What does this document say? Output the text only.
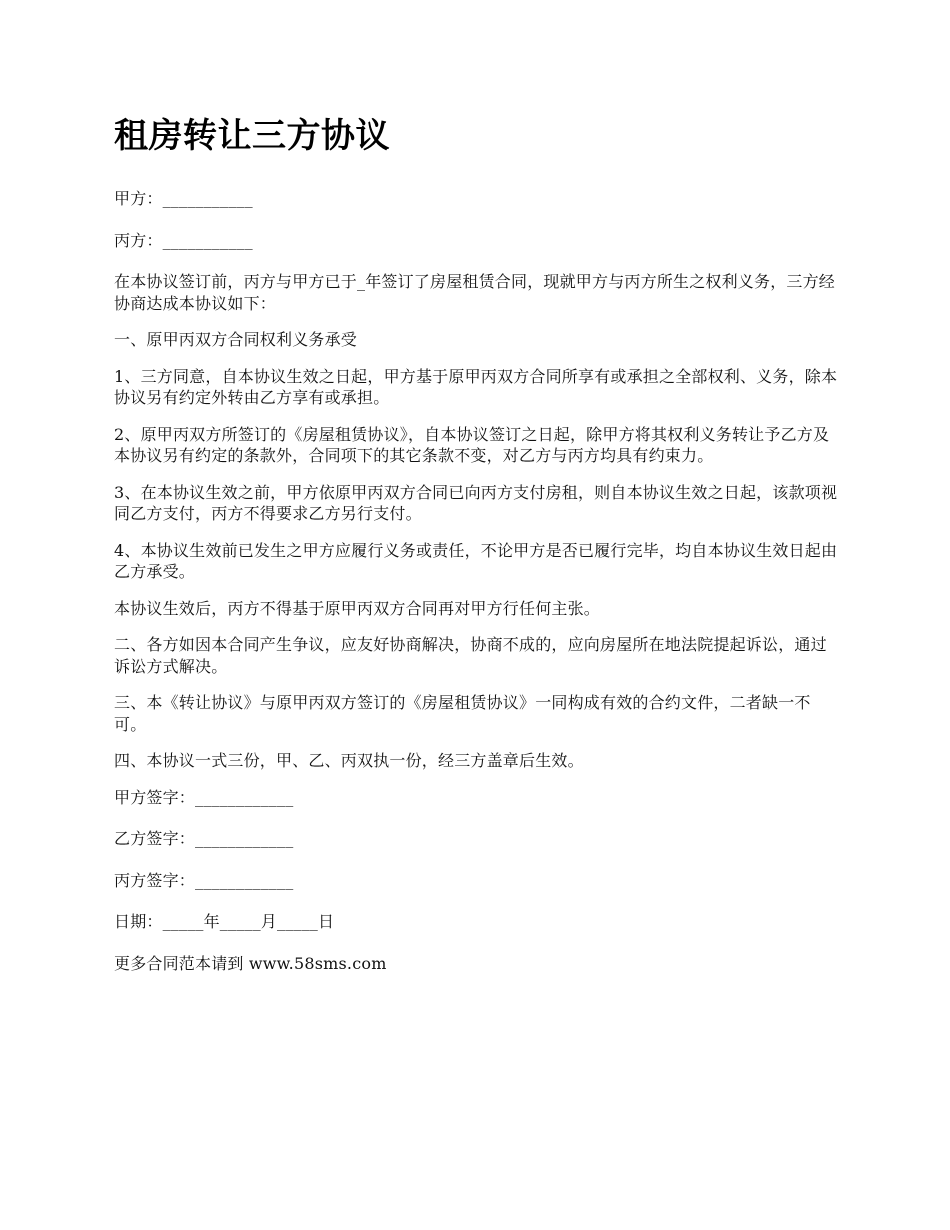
租房转让三方协议

甲方：___________

丙方：___________

在本协议签订前，丙方与甲方已于_年签订了房屋租赁合同，现就甲方与丙方所生之权利义务，三方经协商达成本协议如下：

一、原甲丙双方合同权利义务承受

1、三方同意，自本协议生效之日起，甲方基于原甲丙双方合同所享有或承担之全部权利、义务，除本协议另有约定外转由乙方享有或承担。

2、原甲丙双方所签订的《房屋租赁协议》，自本协议签订之日起，除甲方将其权利义务转让予乙方及本协议另有约定的条款外，合同项下的其它条款不变，对乙方与丙方均具有约束力。

3、在本协议生效之前，甲方依原甲丙双方合同已向丙方支付房租，则自本协议生效之日起，该款项视同乙方支付，丙方不得要求乙方另行支付。

4、本协议生效前已发生之甲方应履行义务或责任，不论甲方是否已履行完毕，均自本协议生效日起由乙方承受。

本协议生效后，丙方不得基于原甲丙双方合同再对甲方行任何主张。

二、各方如因本合同产生争议，应友好协商解决，协商不成的，应向房屋所在地法院提起诉讼，通过诉讼方式解决。

三、本《转让协议》与原甲丙双方签订的《房屋租赁协议》一同构成有效的合约文件，二者缺一不可。

四、本协议一式三份，甲、乙、丙双执一份，经三方盖章后生效。

甲方签字：____________

乙方签字：____________

丙方签字：____________

日期：_____年_____月_____日

更多合同范本请到 www.58sms.com
